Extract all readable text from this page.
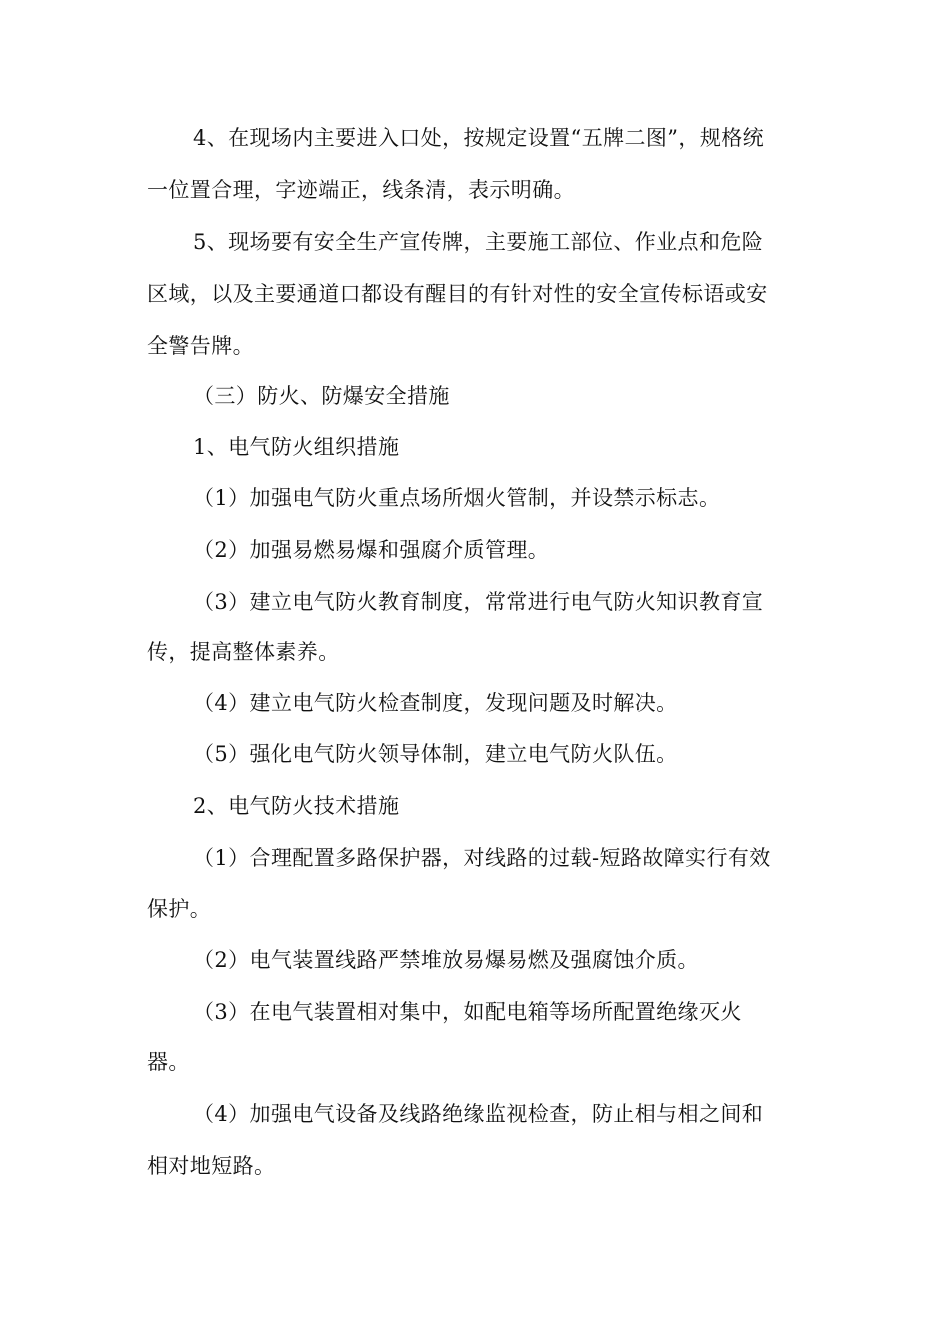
4、在现场内主要进入口处，按规定设置“五牌二图”，规格统
一位置合理，字迹端正，线条清，表示明确。
5、现场要有安全生产宣传牌，主要施工部位、作业点和危险
区域，以及主要通道口都设有醒目的有针对性的安全宣传标语或安
全警告牌。
（三）防火、防爆安全措施
1、电气防火组织措施
（1）加强电气防火重点场所烟火管制，并设禁示标志。
（2）加强易燃易爆和强腐介质管理。
（3）建立电气防火教育制度，常常进行电气防火知识教育宣
传，提高整体素养。
（4）建立电气防火检查制度，发现问题及时解决。
（5）强化电气防火领导体制，建立电气防火队伍。
2、电气防火技术措施
（1）合理配置多路保护器，对线路的过载-短路故障实行有效
保护。
（2）电气装置线路严禁堆放易爆易燃及强腐蚀介质。
（3）在电气装置相对集中，如配电箱等场所配置绝缘灭火
器。
（4）加强电气设备及线路绝缘监视检查，防止相与相之间和
相对地短路。
